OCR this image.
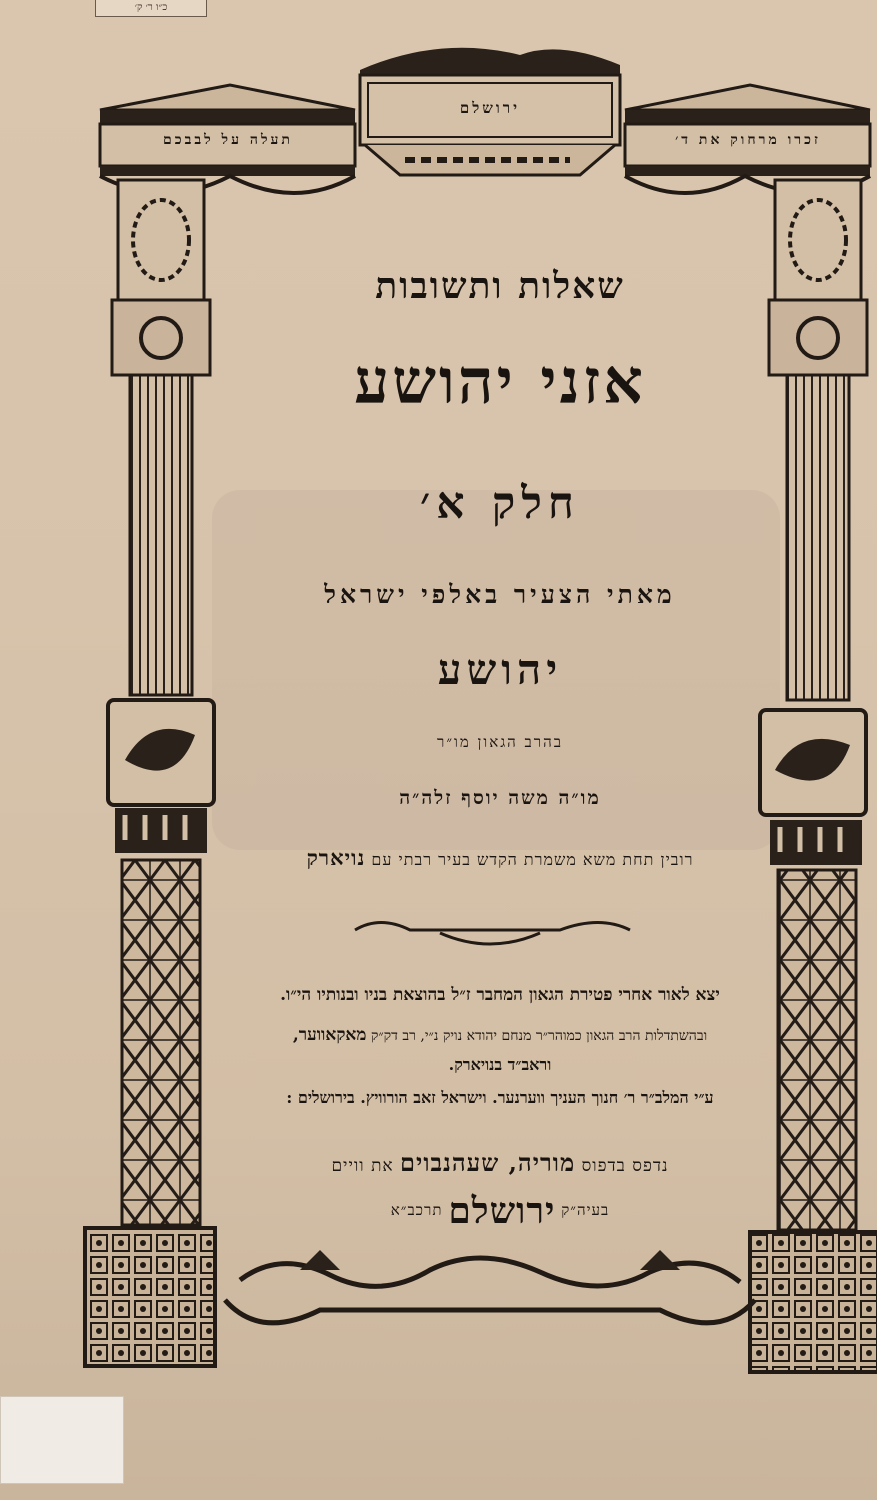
כ״ו ר׳ ק׳
ירושלם
תעלה על לבבכם	זכרו מרחוק את ד׳
שאלות ותשובות
אזני יהושע
חלק א׳
מאתי הצעיר באלפי ישראל
יהושע
בהרב הגאון מו״ר
מו״ה משה יוסף זלה״ה
רובין תחת משא משמרת הקדש בעיר רבתי עם נויארק
יצא לאור אחרי פטירת הגאון המחבר ז״ל בהוצאת בניו ובנותיו הי״ו.
ובהשתדלות הרב הגאון כמוהר״ר מנחם יהודא נויק נ״י, רב דק״ק מאקאווער,
וראב״ד בנויארק.
ע״י המלב״ר ר׳ חנוך העניך ווערנער. וישראל זאב הורוויץ. בירושלים :
נדפס בדפוס מוריה, שעהנבוים את וויים
בעיה״ק ירושלם תרכב״א
